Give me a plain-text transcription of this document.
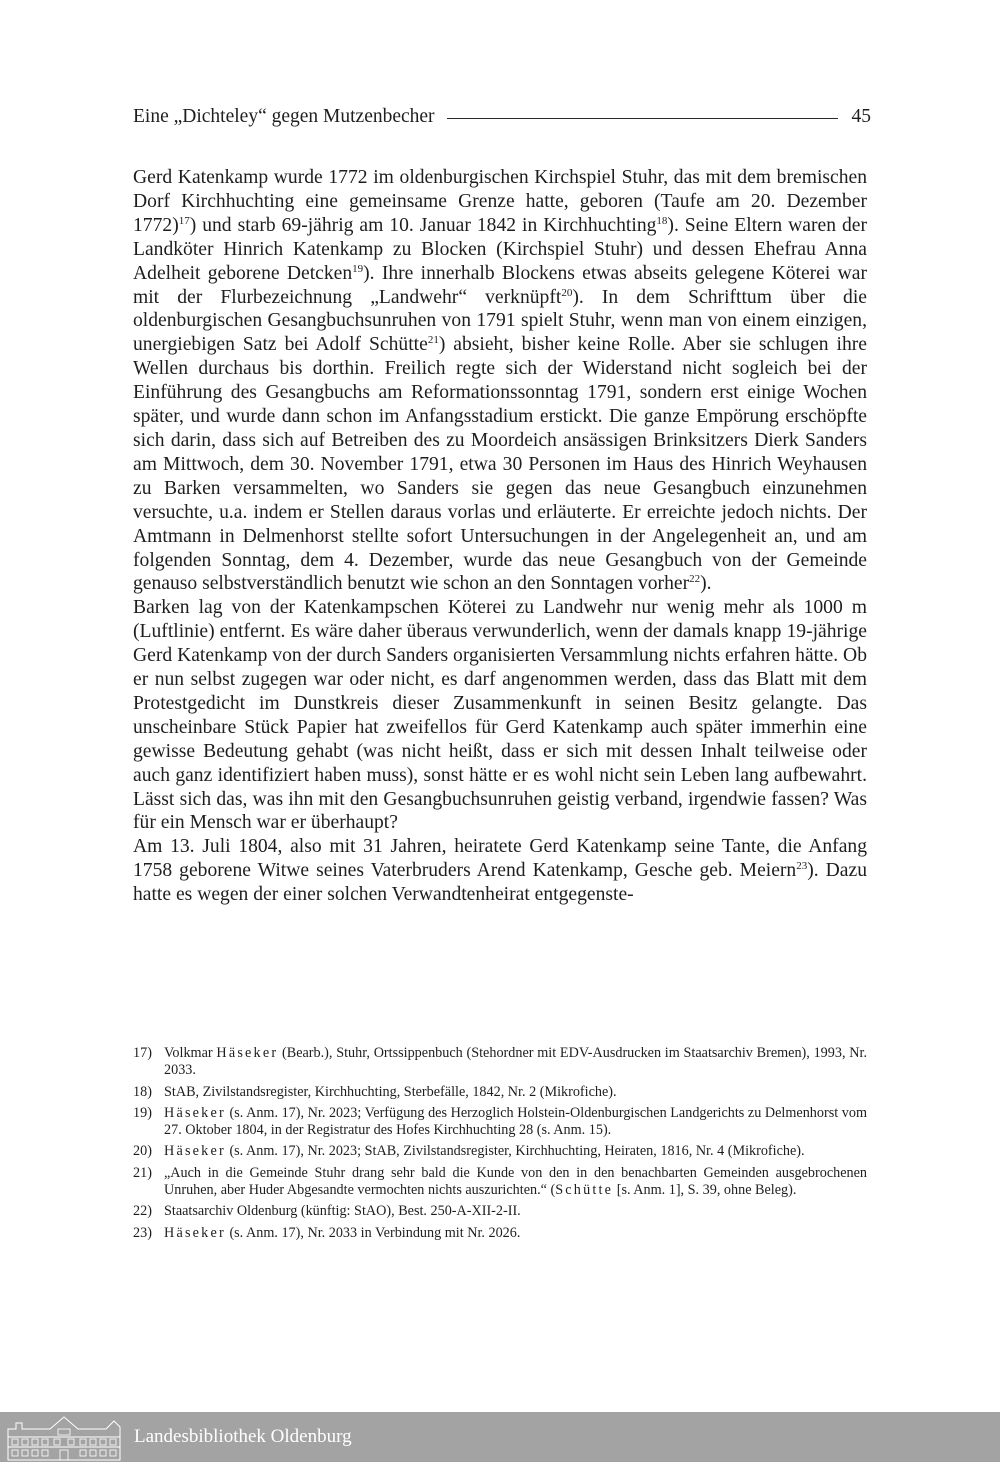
Eine „Dichteley“ gegen Mutzenbecher	45

Gerd Katenkamp wurde 1772 im oldenburgischen Kirchspiel Stuhr, das mit dem bremischen Dorf Kirchhuchting eine gemeinsame Grenze hatte, geboren (Taufe am 20. Dezember 1772)$^{17}$) und starb 69-jährig am 10. Januar 1842 in Kirchhuchting$^{18}$). Seine Eltern waren der Landköter Hinrich Katenkamp zu Blocken (Kirchspiel Stuhr) und dessen Ehefrau Anna Adelheit geborene Detcken$^{19}$). Ihre innerhalb Blockens etwas abseits gelegene Köterei war mit der Flurbezeichnung „Landwehr“ verknüpft$^{20}$). In dem Schrifttum über die oldenburgischen Gesangbuchsunruhen von 1791 spielt Stuhr, wenn man von einem einzigen, unergiebigen Satz bei Adolf Schütte$^{21}$) absieht, bisher keine Rolle. Aber sie schlugen ihre Wellen durchaus bis dorthin. Freilich regte sich der Widerstand nicht sogleich bei der Einführung des Gesangbuchs am Reformationssonntag 1791, sondern erst einige Wochen später, und wurde dann schon im Anfangsstadium erstickt. Die ganze Empörung erschöpfte sich darin, dass sich auf Betreiben des zu Moordeich ansässigen Brinksitzers Dierk Sanders am Mittwoch, dem 30. November 1791, etwa 30 Personen im Haus des Hinrich Weyhausen zu Barken versammelten, wo Sanders sie gegen das neue Gesangbuch einzunehmen versuchte, u.a. indem er Stellen daraus vorlas und erläuterte. Er erreichte jedoch nichts. Der Amtmann in Delmenhorst stellte sofort Untersuchungen in der Angelegenheit an, und am folgenden Sonntag, dem 4. Dezember, wurde das neue Gesangbuch von der Gemeinde genauso selbstverständlich benutzt wie schon an den Sonntagen vorher$^{22}$).

Barken lag von der Katenkampschen Köterei zu Landwehr nur wenig mehr als 1000 m (Luftlinie) entfernt. Es wäre daher überaus verwunderlich, wenn der damals knapp 19-jährige Gerd Katenkamp von der durch Sanders organisierten Versammlung nichts erfahren hätte. Ob er nun selbst zugegen war oder nicht, es darf angenommen werden, dass das Blatt mit dem Protestgedicht im Dunstkreis dieser Zusammenkunft in seinen Besitz gelangte. Das unscheinbare Stück Papier hat zweifellos für Gerd Katenkamp auch später immerhin eine gewisse Bedeutung gehabt (was nicht heißt, dass er sich mit dessen Inhalt teilweise oder auch ganz identifiziert haben muss), sonst hätte er es wohl nicht sein Leben lang aufbewahrt. Lässt sich das, was ihn mit den Gesangbuchsunruhen geistig verband, irgendwie fassen? Was für ein Mensch war er überhaupt?

Am 13. Juli 1804, also mit 31 Jahren, heiratete Gerd Katenkamp seine Tante, die Anfang 1758 geborene Witwe seines Vaterbruders Arend Katenkamp, Gesche geb. Meiern$^{23}$). Dazu hatte es wegen der einer solchen Verwandtenheirat entgegenste-

17) Volkmar Häseker (Bearb.), Stuhr, Ortssippenbuch (Stehordner mit EDV-Ausdrucken im Staatsarchiv Bremen), 1993, Nr. 2033.
18) StAB, Zivilstandsregister, Kirchhuchting, Sterbefälle, 1842, Nr. 2 (Mikrofiche).
19) Häseker (s. Anm. 17), Nr. 2023; Verfügung des Herzoglich Holstein-Oldenburgischen Landgerichts zu Delmenhorst vom 27. Oktober 1804, in der Registratur des Hofes Kirchhuchting 28 (s. Anm. 15).
20) Häseker (s. Anm. 17), Nr. 2023; StAB, Zivilstandsregister, Kirchhuchting, Heiraten, 1816, Nr. 4 (Mikrofiche).
21) „Auch in die Gemeinde Stuhr drang sehr bald die Kunde von den in den benachbarten Gemeinden ausgebrochenen Unruhen, aber Huder Abgesandte vermochten nichts auszurichten.“ (Schütte [s. Anm. 1], S. 39, ohne Beleg).
22) Staatsarchiv Oldenburg (künftig: StAO), Best. 250-A-XII-2-II.
23) Häseker (s. Anm. 17), Nr. 2033 in Verbindung mit Nr. 2026.
Landesbibliothek Oldenburg
